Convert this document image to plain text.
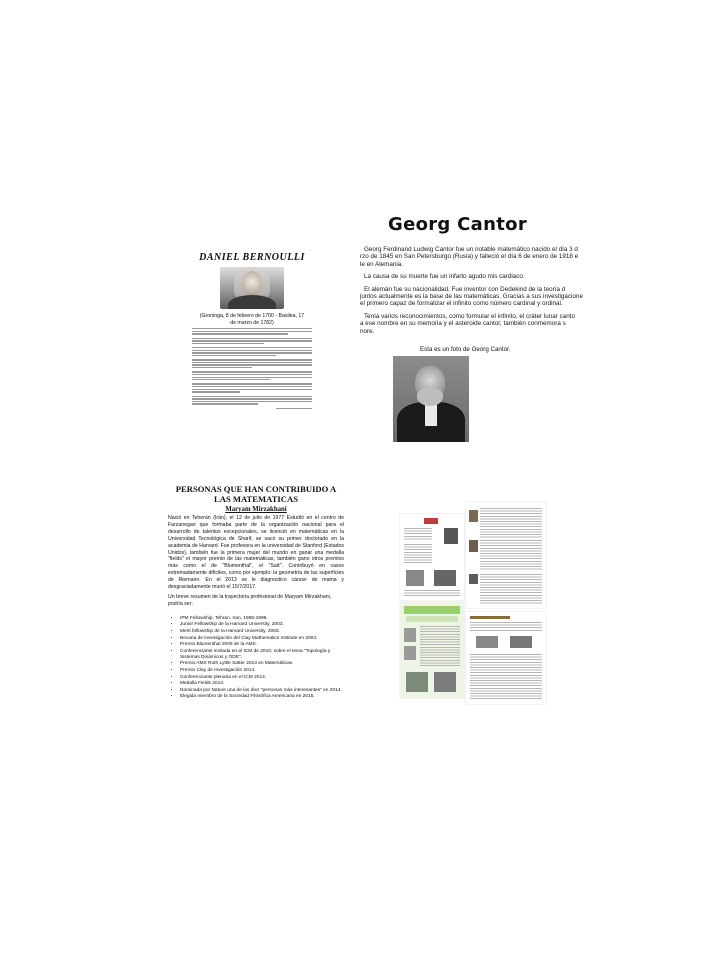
DANIEL BERNOULLI
(Groninga, 8 de febrero de 1700 - Basilea, 17
de marzo de 1782)
Georg Cantor

Georg Ferdinand Ludwig Cantor fue un notable matemático nacido el día 3 d

rzo de 1845 en San Petersburgo (Rusia) y falleció el día 6 de enero de 1918 e

le en Alemania.

La causa de su muerte fue un infarto agudo mis cardiaco.

El alemán fue su nacionalidad. Fue inventor con Dedekind de la teoría d

juntos actualmente es la base de las matemáticas. Gracias a sus investigacione

el primero capaz de formalizar el infinito como número cardinal y ordinal.

Tenía varios reconocimientos, como formular el infinito, el cráter lunar canto

a ese nombre en su memoria y el asteroide cantor, también conmemora s

nore.

Esta es un foto de Georg Cantor.
PERSONAS QUE HAN CONTRIBUIDO A
LAS MATEMATICAS
Maryam Mirzakhani
Nació en Teherán (Irán), el 12 de julio de 1977 Estudió en el centro de Farzanegan que formaba parte de la organización nacional para el desarrollo de talentos excepcionales, se licenció en matemáticas en la Universidad Tecnológica de Sharif, se sacó su primer doctorado en la academia de Harvard. Fue profesora en la universidad de Stanford (Estados Unidos), también fue la primera mujer del mundo en ganar una medalla "fields" el mayor premio de las matemáticas, también gano otros premios más como el de "Blumenthal", el "Satt". Contribuyó en casos extremadamente difíciles, como por ejemplo: la geometría de las superficies de Riemann. En el 2013 se le diagnostico cáncer de mama y desgraciadamente murió el 15/7/2017.
Un breve resumen de la trayectoria profesional de Maryam Mirzakhani, podría ser:
• IPM Fellowship, Tehran, Iran, 1995-1999.
• Junior Fellowship de la Harvard University, 2003.
• Merit fellowship de la Harvard University, 2003.
• Becaria de investigación del Clay Mathematics Institute en 2004.
• Premio Blumenthal 2009 de la AMS.
• Conferenciante invitada en el ICM de 2010, sobre el tema "Topología y Sistemas Dinámicos y ODE".
• Premio AMS Ruth Lyttle Satter 2013 en Matemáticas.
• Premio Clay de Investigación 2014.
• Conferenciante plenaria en el ICM 2014.
• Medalla Fields 2014.
• Nominada por Nature una de las diez "personas más interesantes" en 2014.
• Elegida miembro de la Sociedad Filosófica Americana en 2015.
